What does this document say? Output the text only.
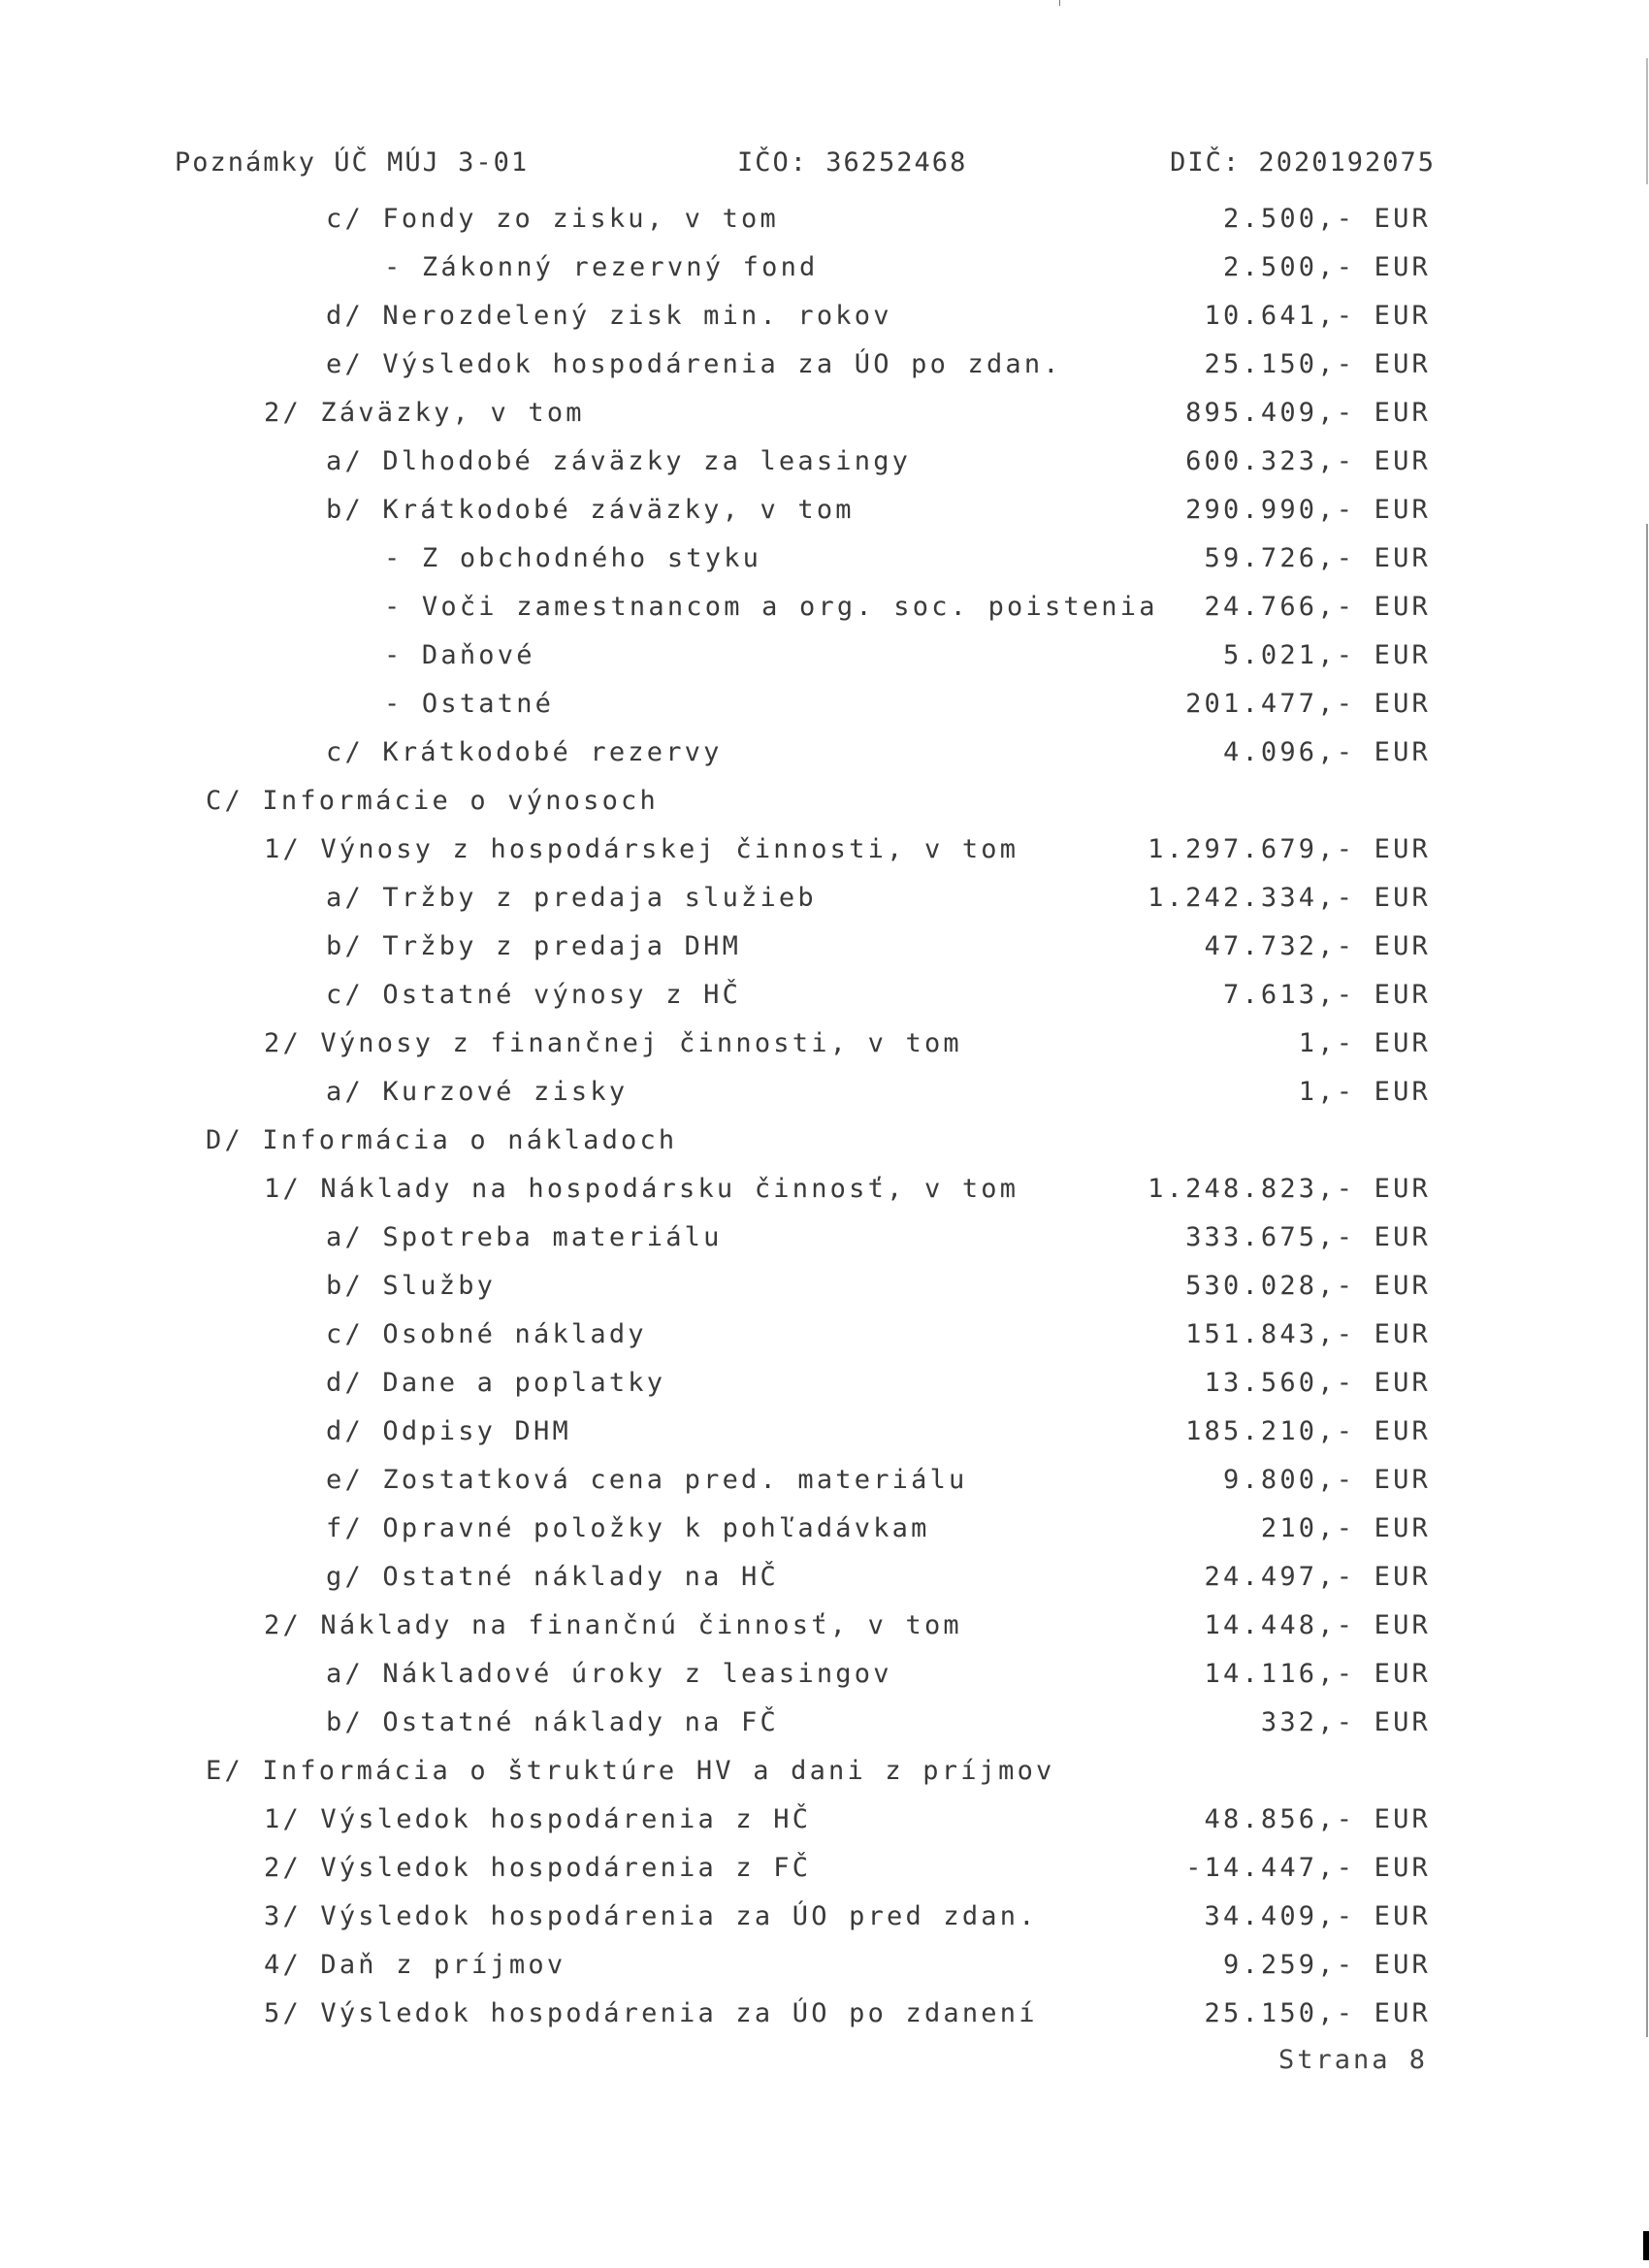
Poznámky ÚČ MÚJ 3-01	IČO: 36252468	DIČ: 2020192075
c/ Fondy zo zisku, v tom	2.500,- EUR
- Zákonný rezervný fond	2.500,- EUR
d/ Nerozdelený zisk min. rokov	10.641,- EUR
e/ Výsledok hospodárenia za ÚO po zdan.	25.150,- EUR
2/ Záväzky, v tom	895.409,- EUR
a/ Dlhodobé záväzky za leasingy	600.323,- EUR
b/ Krátkodobé záväzky, v tom	290.990,- EUR
- Z obchodného styku	59.726,- EUR
- Voči zamestnancom a org. soc. poistenia 24.766,- EUR
- Daňové	5.021,- EUR
- Ostatné	201.477,- EUR
c/ Krátkodobé rezervy	4.096,- EUR
C/ Informácie o výnosoch
1/ Výnosy z hospodárskej činnosti, v tom	1.297.679,- EUR
a/ Tržby z predaja služieb	1.242.334,- EUR
b/ Tržby z predaja DHM	47.732,- EUR
c/ Ostatné výnosy z HČ	7.613,- EUR
2/ Výnosy z finančnej činnosti, v tom	1,- EUR
a/ Kurzové zisky	1,- EUR
D/ Informácia o nákladoch
1/ Náklady na hospodársku činnosť, v tom	1.248.823,- EUR
a/ Spotreba materiálu	333.675,- EUR
b/ Služby	530.028,- EUR
c/ Osobné náklady	151.843,- EUR
d/ Dane a poplatky	13.560,- EUR
d/ Odpisy DHM	185.210,- EUR
e/ Zostatková cena pred. materiálu	9.800,- EUR
f/ Opravné položky k pohľadávkam	210,- EUR
g/ Ostatné náklady na HČ	24.497,- EUR
2/ Náklady na finančnú činnosť, v tom	14.448,- EUR
a/ Nákladové úroky z leasingov	14.116,- EUR
b/ Ostatné náklady na FČ	332,- EUR
E/ Informácia o štruktúre HV a dani z príjmov
1/ Výsledok hospodárenia z HČ	48.856,- EUR
2/ Výsledok hospodárenia z FČ	-14.447,- EUR
3/ Výsledok hospodárenia za ÚO pred zdan.	34.409,- EUR
4/ Daň z príjmov	9.259,- EUR
5/ Výsledok hospodárenia za ÚO po zdanení	25.150,- EUR
Strana 8
